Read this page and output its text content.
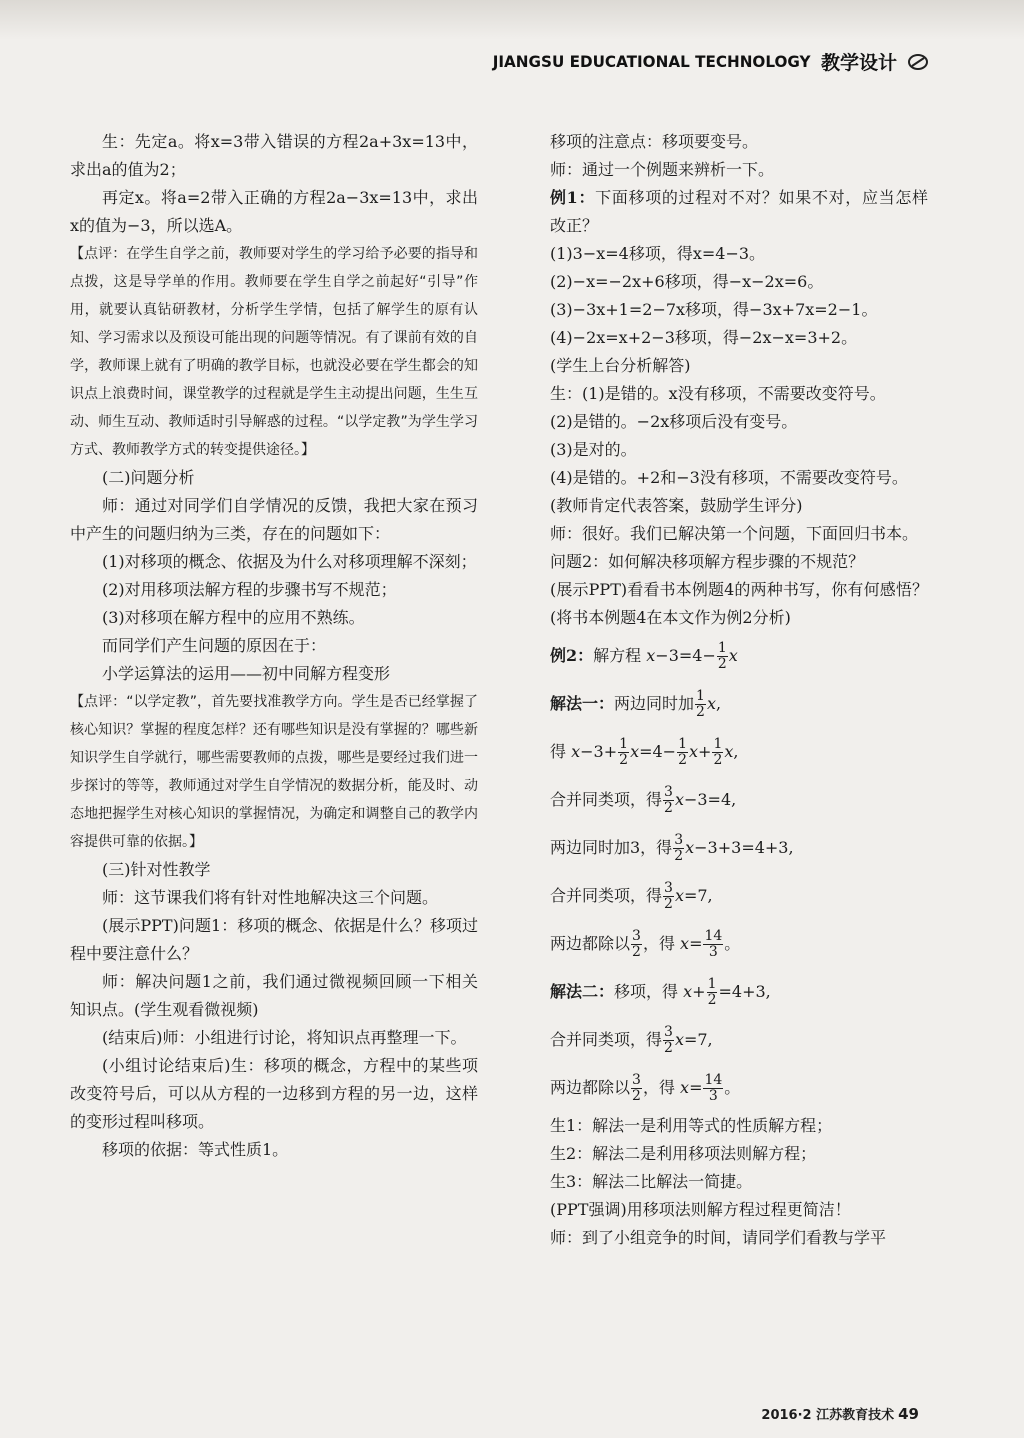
JIANGSU EDUCATIONAL TECHNOLOGY 教学设计

生：先定a。将x=3带入错误的方程2a+3x=13中，求出a的值为2；

再定x。将a=2带入正确的方程2a−3x=13中，求出x的值为−3，所以选A。

【点评：在学生自学之前，教师要对学生的学习给予必要的指导和点拨，这是导学单的作用。教师要在学生自学之前起好“引导”作用，就要认真钻研教材，分析学生学情，包括了解学生的原有认知、学习需求以及预设可能出现的问题等情况。有了课前有效的自学，教师课上就有了明确的教学目标，也就没必要在学生都会的知识点上浪费时间，课堂教学的过程就是学生主动提出问题，生生互动、师生互动、教师适时引导解惑的过程。“以学定教”为学生学习方式、教师教学方式的转变提供途径。】

(二)问题分析

师：通过对同学们自学情况的反馈，我把大家在预习中产生的问题归纳为三类，存在的问题如下：

(1)对移项的概念、依据及为什么对移项理解不深刻；

(2)对用移项法解方程的步骤书写不规范；

(3)对移项在解方程中的应用不熟练。

而同学们产生问题的原因在于：

小学运算法的运用——初中同解方程变形

【点评：“以学定教”，首先要找准教学方向。学生是否已经掌握了核心知识？掌握的程度怎样？还有哪些知识是没有掌握的？哪些新知识学生自学就行，哪些需要教师的点拨，哪些是要经过我们进一步探讨的等等，教师通过对学生自学情况的数据分析，能及时、动态地把握学生对核心知识的掌握情况，为确定和调整自己的教学内容提供可靠的依据。】

(三)针对性教学

师：这节课我们将有针对性地解决这三个问题。

(展示PPT)问题1：移项的概念、依据是什么？移项过程中要注意什么？

师：解决问题1之前，我们通过微视频回顾一下相关知识点。(学生观看微视频)

(结束后)师：小组进行讨论，将知识点再整理一下。

(小组讨论结束后)生：移项的概念，方程中的某些项改变符号后，可以从方程的一边移到方程的另一边，这样的变形过程叫移项。

移项的依据：等式性质1。

移项的注意点：移项要变号。

师：通过一个例题来辨析一下。

例1：下面移项的过程对不对？如果不对，应当怎样改正？

(1)3−x=4移项，得x=4−3。

(2)−x=−2x+6移项，得−x−2x=6。

(3)−3x+1=2−7x移项，得−3x+7x=2−1。

(4)−2x=x+2−3移项，得−2x−x=3+2。

(学生上台分析解答)

生：(1)是错的。x没有移项，不需要改变符号。

(2)是错的。−2x移项后没有变号。

(3)是对的。

(4)是错的。+2和−3没有移项，不需要改变符号。

(教师肯定代表答案，鼓励学生评分)

师：很好。我们已解决第一个问题，下面回归书本。

问题2：如何解决移项解方程步骤的不规范？

(展示PPT)看看书本例题4的两种书写，你有何感悟？(将书本例题4在本文作为例2分析)

例2：解方程 $x-3=4- \frac{1}{2}$ x

解法一：两边同时加 $\frac{1}{2} x$,

得 $x-3+ \frac{1}{2} x=4- \frac{1}{2} x+ \frac{1}{2} x$,

合并同类项，得 $\frac{3}{2} x-3=4$,

两边同时加3，得 $\frac{3}{2} x-3+3=4+3$,

合并同类项，得 $\frac{3}{2} x=7$,

两边都除以 $\frac{3}{2}$ ，得 $x= \frac{14}{3}$ 。

解法二：移项，得 $x+ \frac{1}{2} =4+3$,

合并同类项，得 $\frac{3}{2} x=7$,

两边都除以 $\frac{3}{2}$ ，得 $x= \frac{14}{3}$ 。

生1：解法一是利用等式的性质解方程；

生2：解法二是利用移项法则解方程；

生3：解法二比解法一简捷。

(PPT强调)用移项法则解方程过程更简洁！

师：到了小组竞争的时间，请同学们看教与学平

2016·2 江苏教育技术 49
